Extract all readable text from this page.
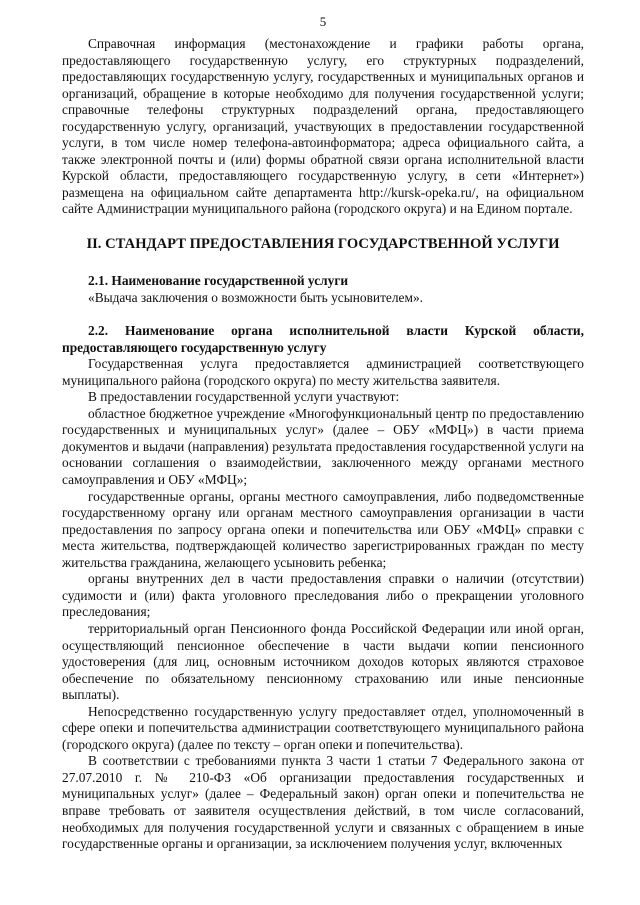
5

Справочная информация (местонахождение и графики работы органа, предоставляющего государственную услугу, его структурных подразделений, предоставляющих государственную услугу, государственных и муниципальных органов и организаций, обращение в которые необходимо для получения государственной услуги; справочные телефоны структурных подразделений органа, предоставляющего государственную услугу, организаций, участвующих в предоставлении государственной услуги, в том числе номер телефона-автоинформатора; адреса официального сайта, а также электронной почты и (или) формы обратной связи органа исполнительной власти Курской области, предоставляющего государственную услугу, в сети «Интернет») размещена на официальном сайте департамента http://kursk-opeka.ru/, на официальном сайте Администрации муниципального района (городского округа) и на Едином портале.

II. СТАНДАРТ ПРЕДОСТАВЛЕНИЯ ГОСУДАРСТВЕННОЙ УСЛУГИ

2.1. Наименование государственной услуги

«Выдача заключения о возможности быть усыновителем».

2.2. Наименование органа исполнительной власти Курской области, предоставляющего государственную услугу

Государственная услуга предоставляется администрацией соответствующего муниципального района (городского округа) по месту жительства заявителя.

В предоставлении государственной услуги участвуют:

областное бюджетное учреждение «Многофункциональный центр по предоставлению государственных и муниципальных услуг» (далее – ОБУ «МФЦ») в части приема документов и выдачи (направления) результата предоставления государственной услуги на основании соглашения о взаимодействии, заключенного между органами местного самоуправления и ОБУ «МФЦ»;

государственные органы, органы местного самоуправления, либо подведомственные государственному органу или органам местного самоуправления организации в части предоставления по запросу органа опеки и попечительства или ОБУ «МФЦ» справки с места жительства, подтверждающей количество зарегистрированных граждан по месту жительства гражданина, желающего усыновить ребенка;

органы внутренних дел в части предоставления справки о наличии (отсутствии) судимости и (или) факта уголовного преследования либо о прекращении уголовного преследования;

территориальный орган Пенсионного фонда Российской Федерации или иной орган, осуществляющий пенсионное обеспечение в части выдачи копии пенсионного удостоверения (для лиц, основным источником доходов которых являются страховое обеспечение по обязательному пенсионному страхованию или иные пенсионные выплаты).

Непосредственно государственную услугу предоставляет отдел, уполномоченный в сфере опеки и попечительства администрации соответствующего муниципального района (городского округа) (далее по тексту – орган опеки и попечительства).

В соответствии с требованиями пункта 3 части 1 статьи 7 Федерального закона от 27.07.2010 г. № 210-ФЗ «Об организации предоставления государственных и муниципальных услуг» (далее – Федеральный закон) орган опеки и попечительства не вправе требовать от заявителя осуществления действий, в том числе согласований, необходимых для получения государственной услуги и связанных с обращением в иные государственные органы и организации, за исключением получения услуг, включенных
